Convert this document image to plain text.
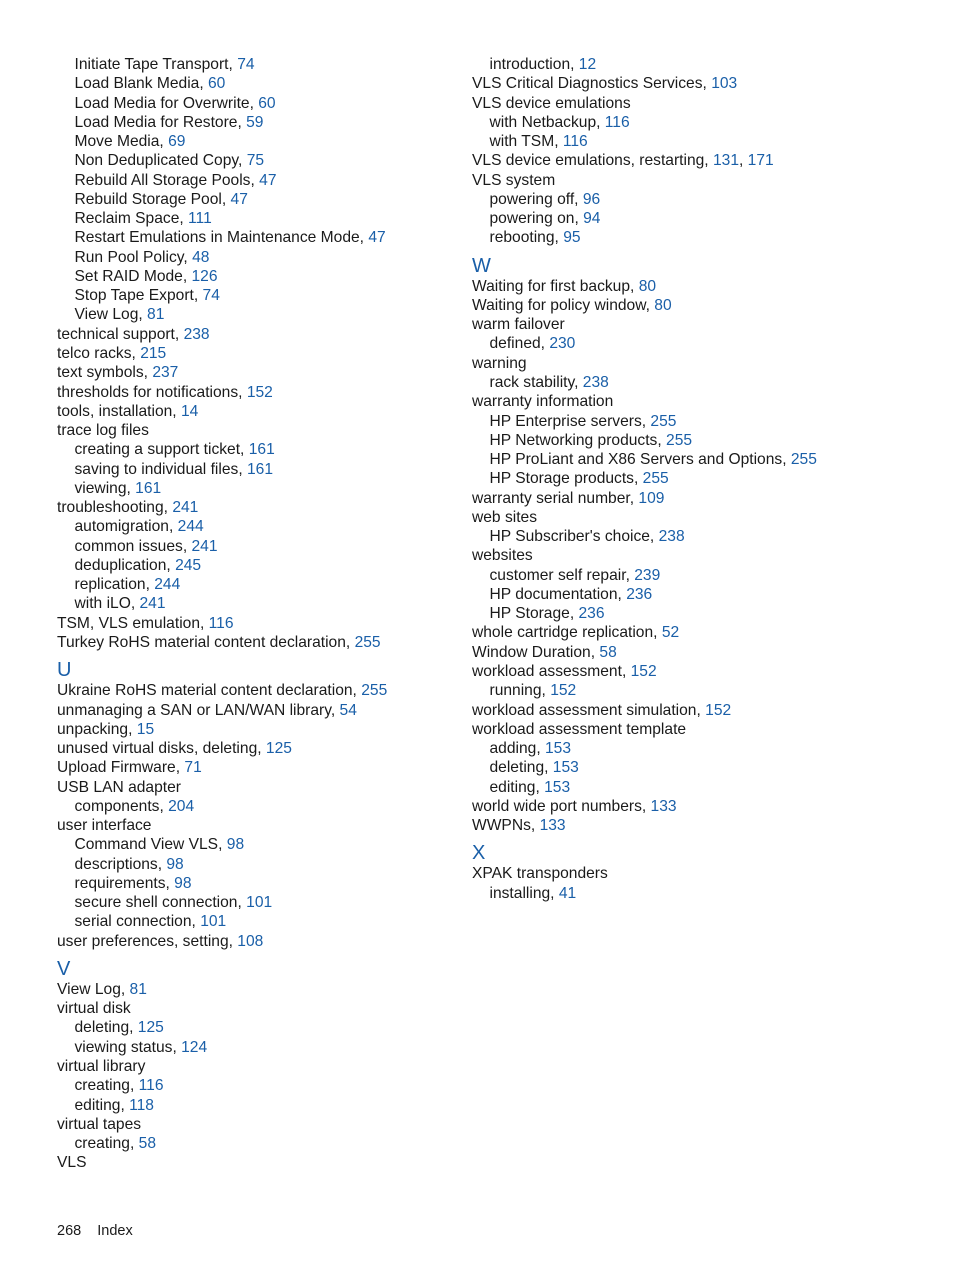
Initiate Tape Transport, 74
Load Blank Media, 60
Load Media for Overwrite, 60
Load Media for Restore, 59
Move Media, 69
Non Deduplicated Copy, 75
Rebuild All Storage Pools, 47
Rebuild Storage Pool, 47
Reclaim Space, 111
Restart Emulations in Maintenance Mode, 47
Run Pool Policy, 48
Set RAID Mode, 126
Stop Tape Export, 74
View Log, 81
technical support, 238
telco racks, 215
text symbols, 237
thresholds for notifications, 152
tools, installation, 14
trace log files
creating a support ticket, 161
saving to individual files, 161
viewing, 161
troubleshooting, 241
automigration, 244
common issues, 241
deduplication, 245
replication, 244
with iLO, 241
TSM, VLS emulation, 116
Turkey RoHS material content declaration, 255
U
Ukraine RoHS material content declaration, 255
unmanaging a SAN or LAN/WAN library, 54
unpacking, 15
unused virtual disks, deleting, 125
Upload Firmware, 71
USB LAN adapter
components, 204
user interface
Command View VLS, 98
descriptions, 98
requirements, 98
secure shell connection, 101
serial connection, 101
user preferences, setting, 108
V
View Log, 81
virtual disk
deleting, 125
viewing status, 124
virtual library
creating, 116
editing, 118
virtual tapes
creating, 58
VLS
introduction, 12
VLS Critical Diagnostics Services, 103
VLS device emulations
with Netbackup, 116
with TSM, 116
VLS device emulations, restarting, 131, 171
VLS system
powering off, 96
powering on, 94
rebooting, 95
W
Waiting for first backup, 80
Waiting for policy window, 80
warm failover
defined, 230
warning
rack stability, 238
warranty information
HP Enterprise servers, 255
HP Networking products, 255
HP ProLiant and X86 Servers and Options, 255
HP Storage products, 255
warranty serial number, 109
web sites
HP Subscriber's choice, 238
websites
customer self repair, 239
HP documentation, 236
HP Storage, 236
whole cartridge replication, 52
Window Duration, 58
workload assessment, 152
running, 152
workload assessment simulation, 152
workload assessment template
adding, 153
deleting, 153
editing, 153
world wide port numbers, 133
WWPNs, 133
X
XPAK transponders
installing, 41
268 Index
